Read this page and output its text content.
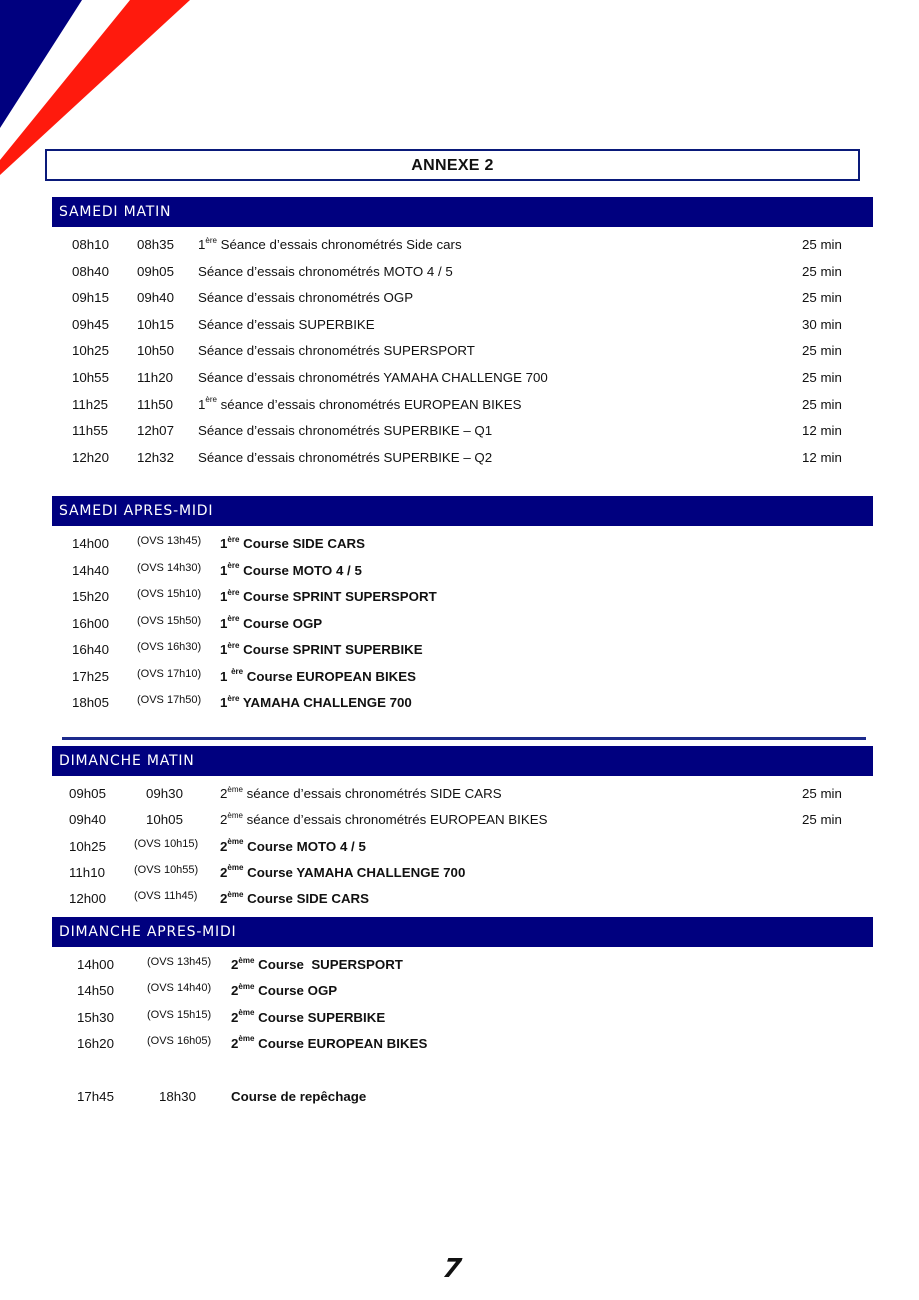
ANNEXE 2
SAMEDI MATIN
08h10 08h35 1ère Séance d’essais chronométrés Side cars	25 min
08h40 09h05 Séance d’essais chronométrés MOTO 4 / 5	25 min
09h15 09h40 Séance d’essais chronométrés OGP	25 min
09h45 10h15 Séance d’essais SUPERBIKE	30 min
10h25 10h50 Séance d’essais chronométrés SUPERSPORT	25 min
10h55 11h20 Séance d’essais chronométrés YAMAHA CHALLENGE 700	25 min
11h25 11h50 1ère séance d’essais chronométrés EUROPEAN BIKES	25 min
11h55 12h07 Séance d’essais chronométrés SUPERBIKE – Q1	12 min
12h20 12h32 Séance d’essais chronométrés SUPERBIKE – Q2	12 min
SAMEDI APRES-MIDI
14h00	(OVS 13h45) 1ère Course SIDE CARS
14h40	(OVS 14h30) 1ère Course MOTO 4 / 5
15h20	(OVS 15h10) 1ère Course SPRINT SUPERSPORT
16h00	(OVS 15h50) 1ère Course OGP
16h40	(OVS 16h30) 1ère Course SPRINT SUPERBIKE
17h25	(OVS 17h10) 1 $^{ère}$ Course EUROPEAN BIKES
18h05	(OVS 17h50) 1ère YAMAHA CHALLENGE 700
DIMANCHE MATIN
09h05	09h30	2ème séance d’essais chronométrés SIDE CARS	25 min
09h40	10h05	2ème séance d’essais chronométrés EUROPEAN BIKES	25 min
10h25	(OVS 10h15) 2ème Course MOTO 4 / 5
11h10	(OVS 10h55) 2ème Course YAMAHA CHALLENGE 700
12h00	(OVS 11h45) 2ème Course SIDE CARS
DIMANCHE APRES-MIDI
14h00	(OVS 13h45) 2ème Course  SUPERSPORT
14h50	(OVS 14h40) 2ème Course OGP
15h30	(OVS 15h15) 2ème Course SUPERBIKE
16h20	(OVS 16h05) 2ème Course EUROPEAN BIKES
17h45	18h30	Course de repêchage
7
